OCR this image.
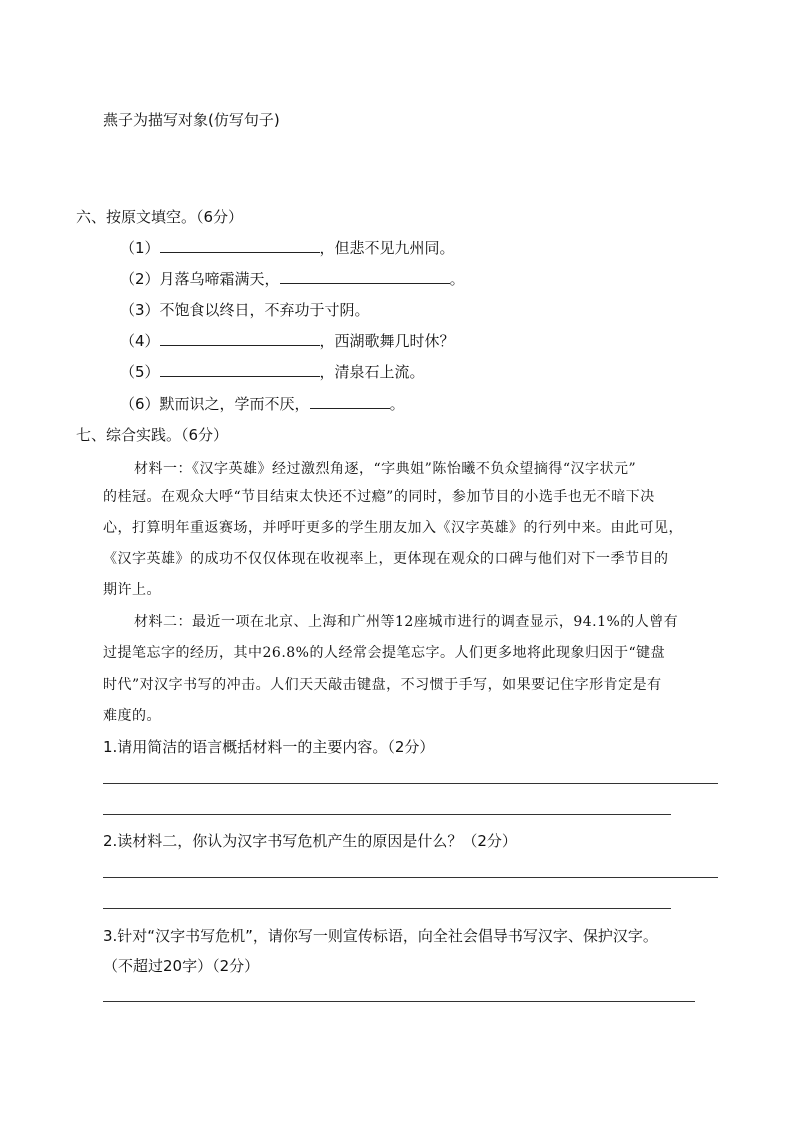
燕子为描写对象(仿写句子)
六、按原文填空。（6分）
（1）	，但悲不见九州同。
（2）月落乌啼霜满天，	。
（3）不饱食以终日，不弃功于寸阴。
（4）	，西湖歌舞几时休？
（5）	，清泉石上流。
（6）默而识之，学而不厌，	。
七、综合实践。（6分）
材料一：《汉字英雄》经过激烈角逐，“字典姐”陈怡曦不负众望摘得“汉字状元”
的桂冠。在观众大呼“节目结束太快还不过瘾”的同时，参加节目的小选手也无不暗下决
心，打算明年重返赛场，并呼吁更多的学生朋友加入《汉字英雄》的行列中来。由此可见，
《汉字英雄》的成功不仅仅体现在收视率上，更体现在观众的口碑与他们对下一季节目的
期许上。
材料二：最近一项在北京、上海和广州等12座城市进行的调查显示，94.1%的人曾有
过提笔忘字的经历，其中26.8%的人经常会提笔忘字。人们更多地将此现象归因于“键盘
时代”对汉字书写的冲击。人们天天敲击键盘，不习惯于手写，如果要记住字形肯定是有
难度的。
1.请用简洁的语言概括材料一的主要内容。（2分）
2.读材料二，你认为汉字书写危机产生的原因是什么？（2分）
3.针对“汉字书写危机”，请你写一则宣传标语，向全社会倡导书写汉字、保护汉字。
（不超过20字）（2分）
